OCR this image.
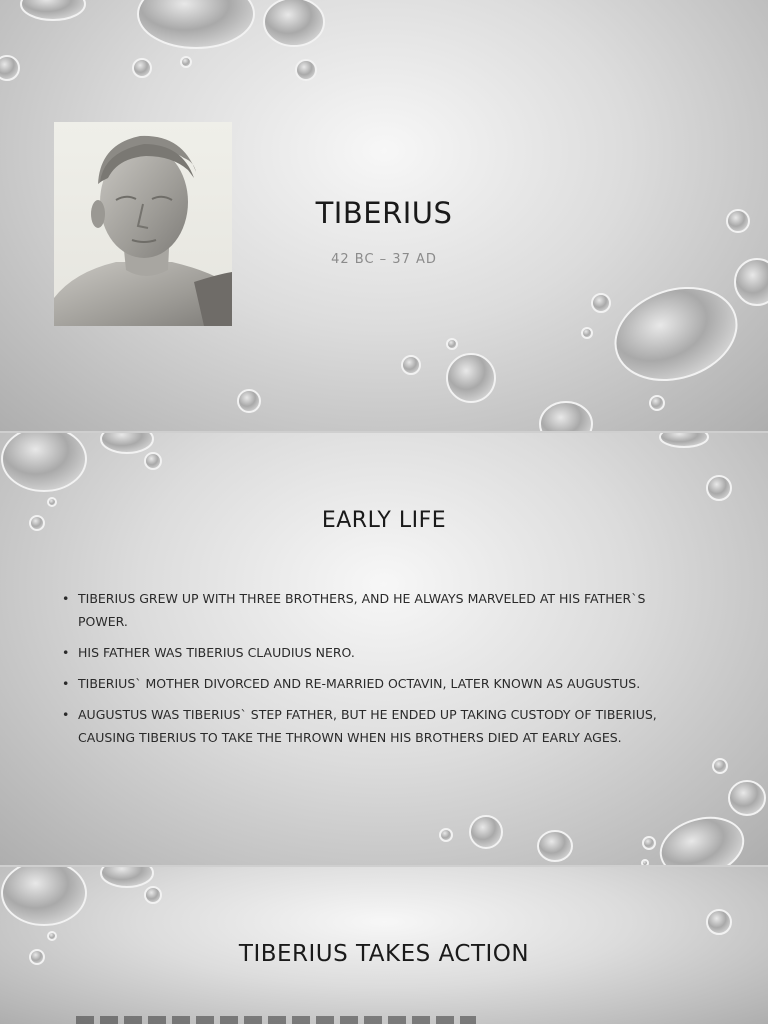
TIBERIUS

42 BC – 37 AD

EARLY LIFE
• TIBERIUS GREW UP WITH THREE BROTHERS, AND HE ALWAYS MARVELED AT HIS FATHER`S POWER.
• HIS FATHER WAS TIBERIUS CLAUDIUS NERO.
• TIBERIUS` MOTHER DIVORCED AND RE-MARRIED OCTAVIN, LATER KNOWN AS AUGUSTUS.
• AUGUSTUS WAS TIBERIUS` STEP FATHER, BUT HE ENDED UP TAKING CUSTODY OF TIBERIUS, CAUSING TIBERIUS TO TAKE THE THROWN WHEN HIS BROTHERS DIED AT EARLY AGES.
TIBERIUS TAKES ACTION
